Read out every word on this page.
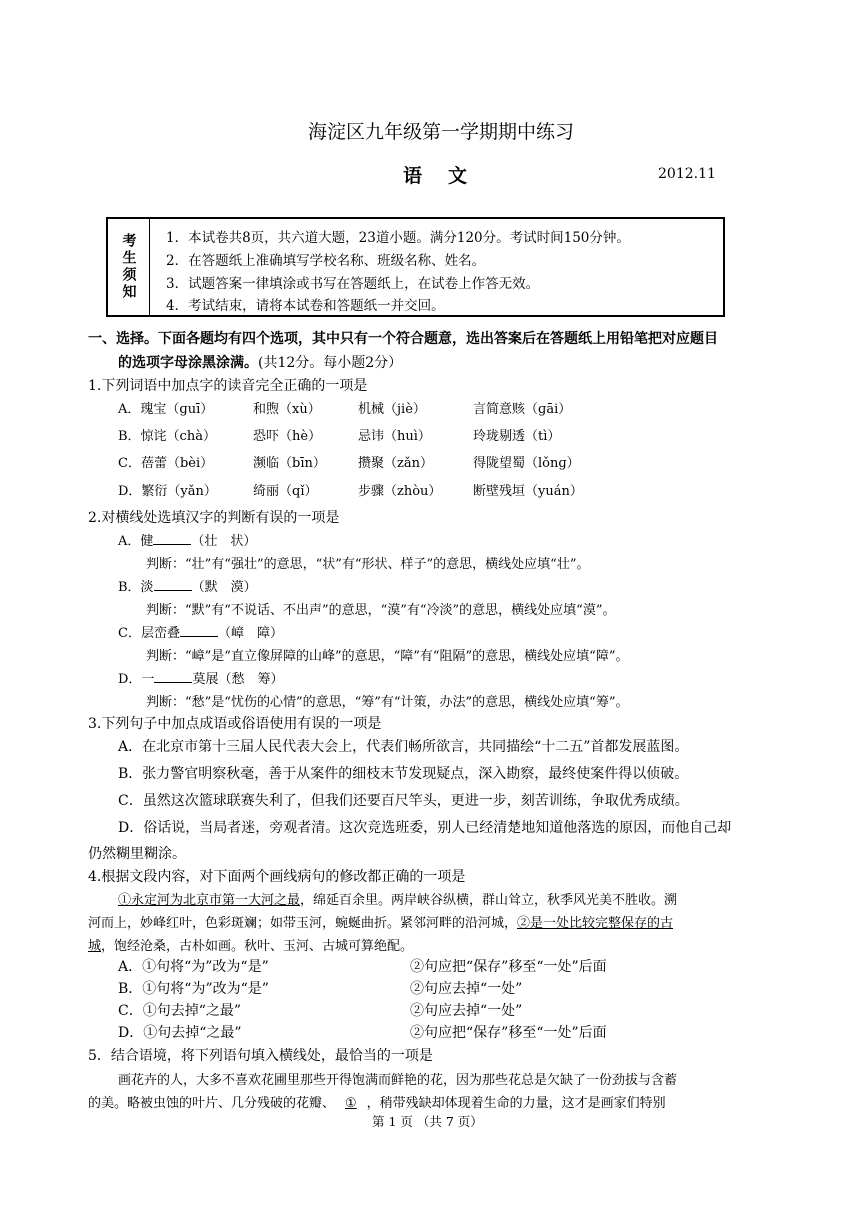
海淀区九年级第一学期期中练习
语文	2012.11
考生须知 1．本试卷共8页，共六道大题，23道小题。满分120分。考试时间150分钟。
2．在答题纸上准确填写学校名称、班级名称、姓名。
3．试题答案一律填涂或书写在答题纸上，在试卷上作答无效。
4．考试结束，请将本试卷和答题纸一并交回。
一、选择。下面各题均有四个选项，其中只有一个符合题意，选出答案后在答题纸上用铅笔把对应题目
的选项字母涂黑涂满。(共12分。每小题2分）
1.下列词语中加点字的读音完全正确的一项是
A．瑰宝（ɡuī）	和煦（xù）	机械（jiè）	言简意赅（ɡāi）
B．惊诧（chà）	恐吓（hè）	忌讳（huì）	玲珑剔透（tì）
C．蓓蕾（bèi）	濒临（bīn） 攒聚（zǎn）	得陇望蜀（lǒnɡ）
D．繁衍（yǎn）	绮丽（qǐ）	步骤（zhòu） 断壁残垣（yuán）
2.对横线处选填汉字的判断有误的一项是
A．健	（壮　状）
判断：“壮”有“强壮”的意思，“状”有“形状、样子”的意思，横线处应填“壮”。
B．淡	（默　漠）
判断：“默”有“不说话、不出声”的意思，“漠”有“冷淡”的意思，横线处应填“漠”。
C．层峦叠	（嶂　障）
判断：“嶂”是“直立像屏障的山峰”的意思，“障”有“阻隔”的意思，横线处应填“障”。
D．一	莫展（愁　筹）
判断：“愁”是“忧伤的心情”的意思，“筹”有“计策，办法”的意思，横线处应填“筹”。
3.下列句子中加点成语或俗语使用有误的一项是
A．在北京市第十三届人民代表大会上，代表们畅所欲言，共同描绘“十二五”首都发展蓝图。
B．张力警官明察秋毫，善于从案件的细枝末节发现疑点，深入勘察，最终使案件得以侦破。
C．虽然这次篮球联赛失利了，但我们还要百尺竿头，更进一步，刻苦训练，争取优秀成绩。
D．俗话说，当局者迷，旁观者清。这次竞选班委，别人已经清楚地知道他落选的原因，而他自己却
仍然糊里糊涂。
4.根据文段内容，对下面两个画线病句的修改都正确的一项是
①永定河为北京市第一大河之最，绵延百余里。两岸峡谷纵横，群山耸立，秋季风光美不胜收。溯
河而上，妙峰红叶，色彩斑斓；如带玉河，蜿蜒曲折。紧邻河畔的沿河城，②是一处比较完整保存的古
城，饱经沧桑，古朴如画。秋叶、玉河、古城可算绝配。
A．①句将“为”改为“是”	②句应把“保存”移至“一处”后面
B．①句将“为”改为“是”	②句应去掉“一处”
C．①句去掉“之最”	②句应去掉“一处”
D．①句去掉“之最”	②句应把“保存”移至“一处”后面
5．结合语境，将下列语句填入横线处，最恰当的一项是
画花卉的人，大多不喜欢花圃里那些开得饱满而鲜艳的花，因为那些花总是欠缺了一份劲拔与含蓄
的美。略被虫蚀的叶片、几分残破的花瓣、 ① ，稍带残缺却体现着生命的力量，这才是画家们特别
第 1 页 （共 7 页）
